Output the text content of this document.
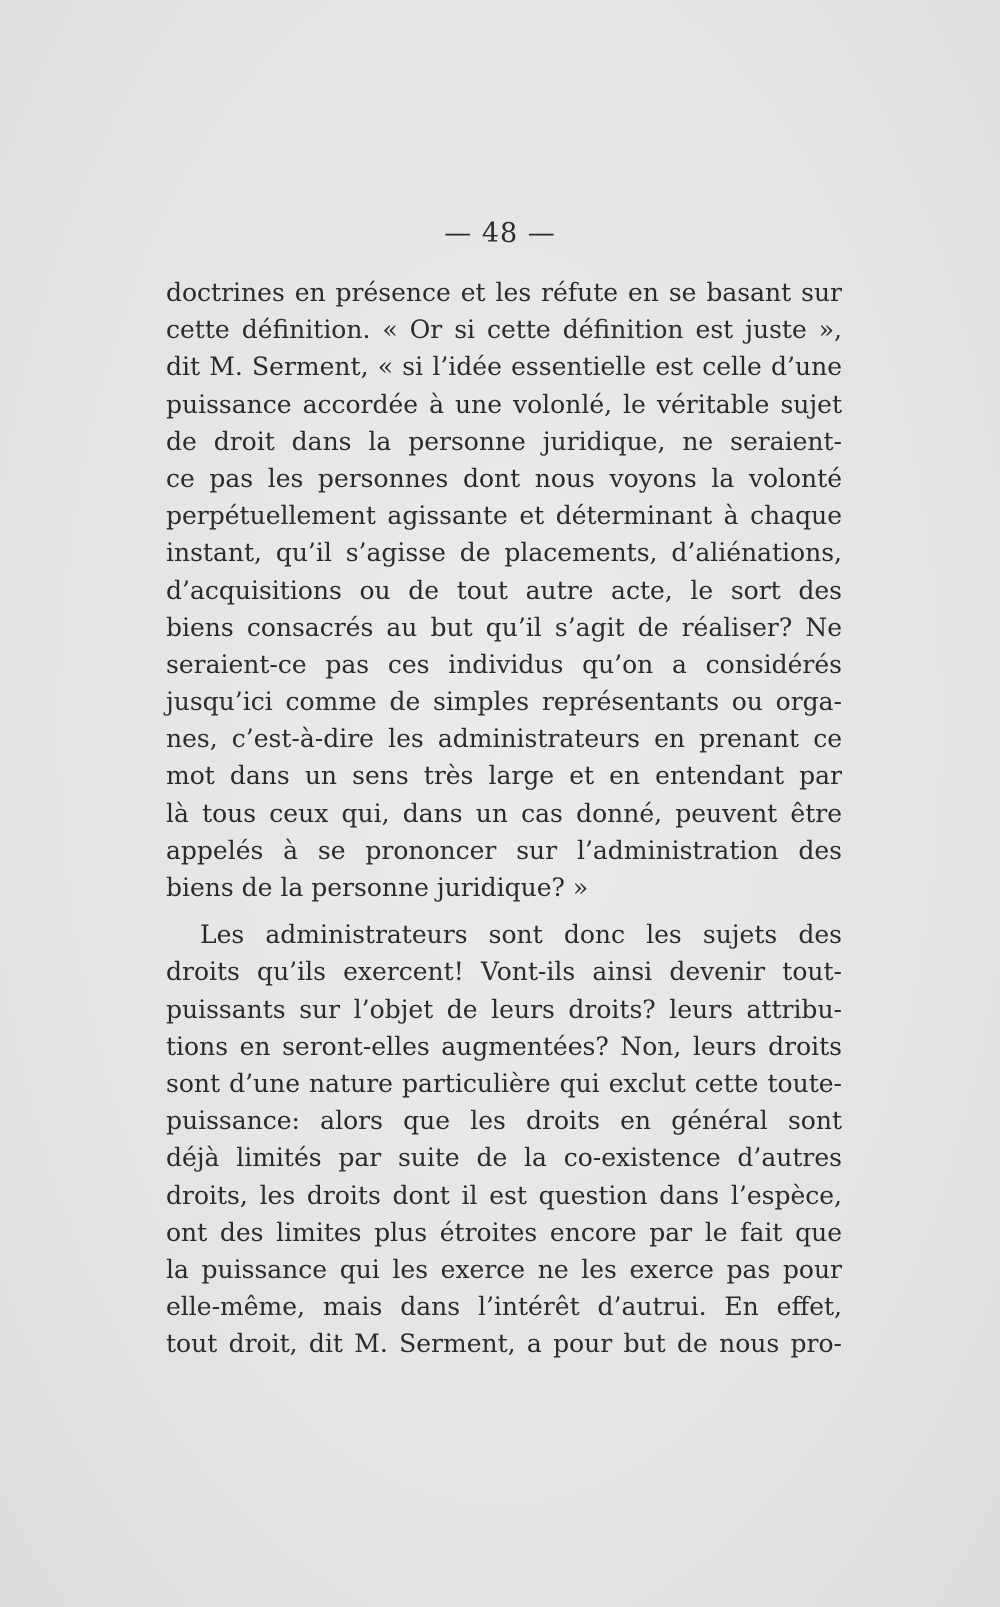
— 48 —
doctrines en présence et les réfute en se basant sur
cette définition. « Or si cette définition est juste »,
dit M. Serment, « si l’idée essentielle est celle d’une
puissance accordée à une volonlé, le véritable sujet
de droit dans la personne juridique, ne seraient-
ce pas les personnes dont nous voyons la volonté
perpétuellement agissante et déterminant à chaque
instant, qu’il s’agisse de placements, d’aliénations,
d’acquisitions ou de tout autre acte, le sort des
biens consacrés au but qu’il s’agit de réaliser? Ne
seraient-ce pas ces individus qu’on a considérés
jusqu’ici comme de simples représentants ou orga-
nes, c’est-à-dire les administrateurs en prenant ce
mot dans un sens très large et en entendant par
là tous ceux qui, dans un cas donné, peuvent être
appelés à se prononcer sur l’administration des
biens de la personne juridique? »
Les administrateurs sont donc les sujets des
droits qu’ils exercent! Vont-ils ainsi devenir tout-
puissants sur l’objet de leurs droits? leurs attribu-
tions en seront-elles augmentées? Non, leurs droits
sont d’une nature particulière qui exclut cette toute-
puissance: alors que les droits en général sont
déjà limités par suite de la co-existence d’autres
droits, les droits dont il est question dans l’espèce,
ont des limites plus étroites encore par le fait que
la puissance qui les exerce ne les exerce pas pour
elle-même, mais dans l’intérêt d’autrui. En effet,
tout droit, dit M. Serment, a pour but de nous pro-
